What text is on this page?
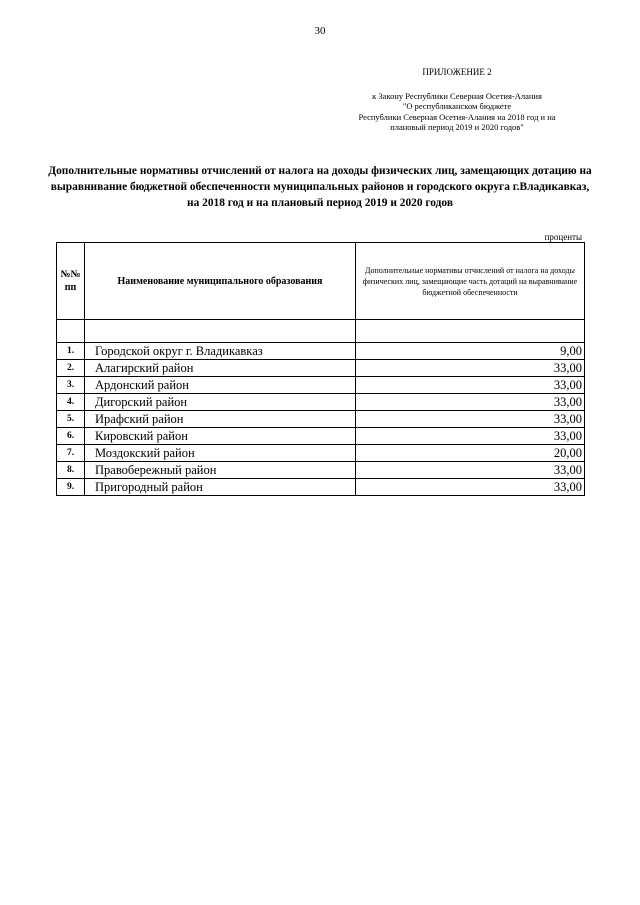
30
ПРИЛОЖЕНИЕ 2
к Закону Республики Северная Осетия-Алания
"О республиканском бюджете
Республики Северная Осетия-Алания на 2018 год и на
плановый период 2019 и 2020 годов"
Дополнительные нормативы отчислений от налога на доходы физических лиц, замещающих дотацию на выравнивание бюджетной обеспеченности муниципальных районов и городского округа г.Владикавказ, на 2018 год и на плановый период 2019 и 2020 годов
проценты
№№ пп	Наименование муниципального образования	Дополнительные нормативы отчислений от налога на доходы физических лиц, замещающие часть дотаций на выравнивание бюджетной обеспеченности

1.	Городской округ г. Владикавказ	9,00
2.	Алагирский район	33,00
3.	Ардонский район	33,00
4.	Дигорский район	33,00
5.	Ирафский район	33,00
6.	Кировский район	33,00
7.	Моздокский район	20,00
8.	Правобережный район	33,00
9.	Пригородный район	33,00
